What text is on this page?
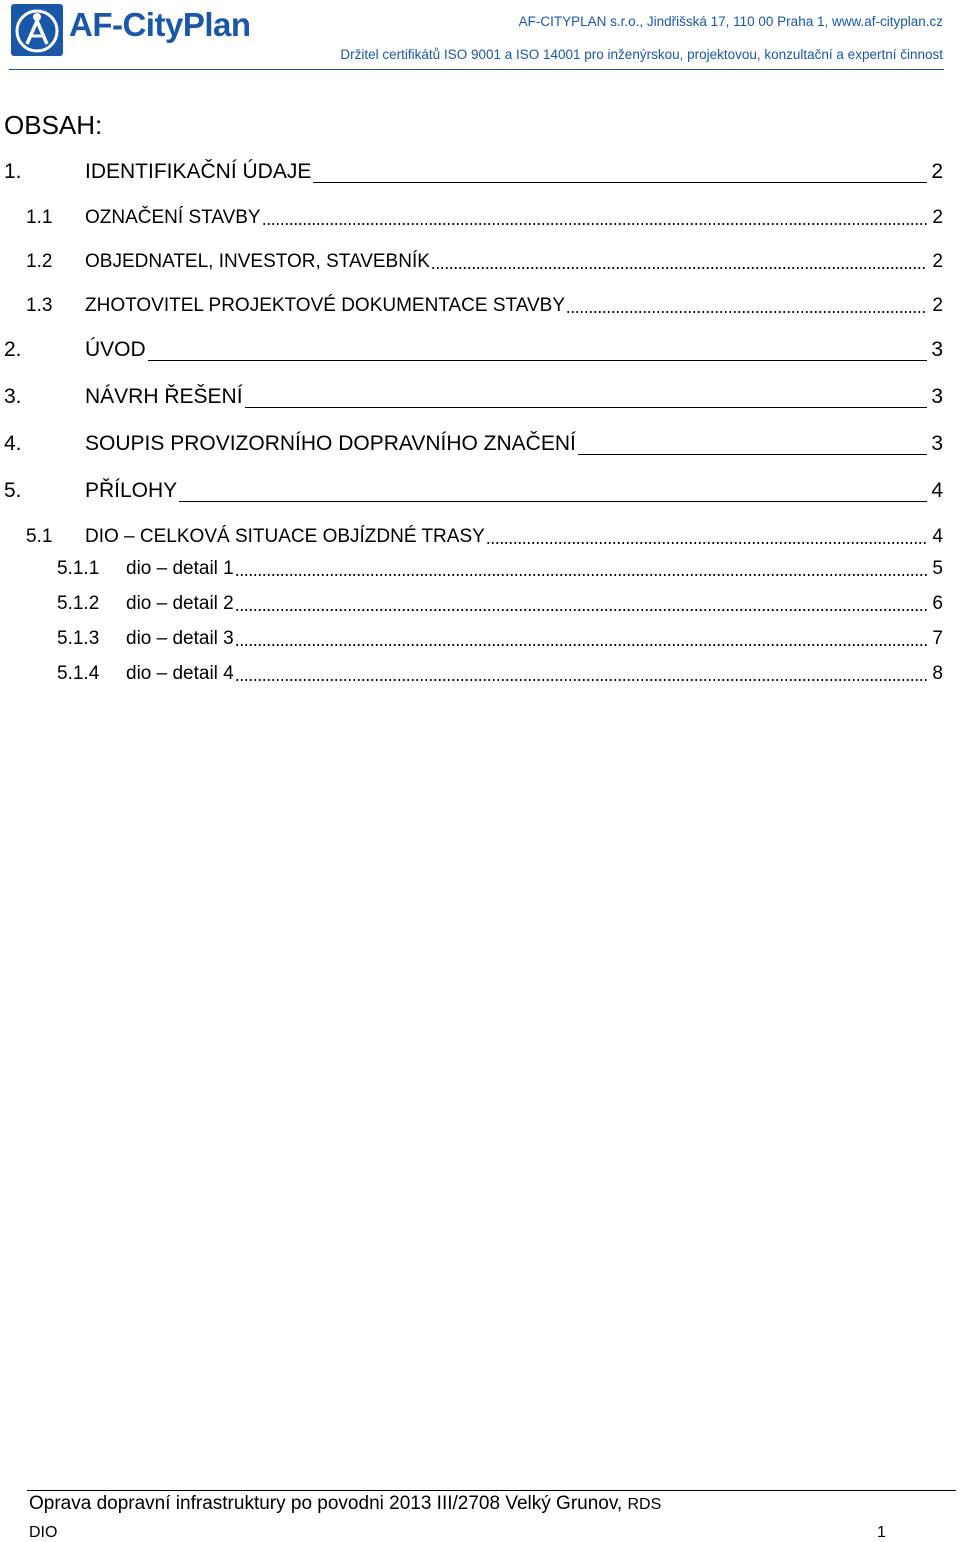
AF-CityPlan	AF-CITYPLAN s.r.o., Jindřišská 17, 110 00 Praha 1, www.af-cityplan.cz
Držitel certifikátů ISO 9001 a ISO 14001 pro inženýrskou, projektovou, konzultační a expertní činnost
OBSAH:
1.	IDENTIFIKAČNÍ ÚDAJE	2
1.1 OZNAČENÍ STAVBY	2
1.2 OBJEDNATEL, INVESTOR, STAVEBNÍK	2
1.3 ZHOTOVITEL PROJEKTOVÉ DOKUMENTACE STAVBY	2
2.	ÚVOD	3
3.	NÁVRH ŘEŠENÍ	3
4.	SOUPIS PROVIZORNÍHO DOPRAVNÍHO ZNAČENÍ	3
5.	PŘÍLOHY	4
5.1 DIO – CELKOVÁ SITUACE OBJÍZDNÉ TRASY	4
5.1.1 dio – detail 1	5
5.1.2 dio – detail 2	6
5.1.3 dio – detail 3	7
5.1.4 dio – detail 4	8
Oprava dopravní infrastruktury po povodni 2013 III/2708 Velký Grunov, RDS
DIO	1
